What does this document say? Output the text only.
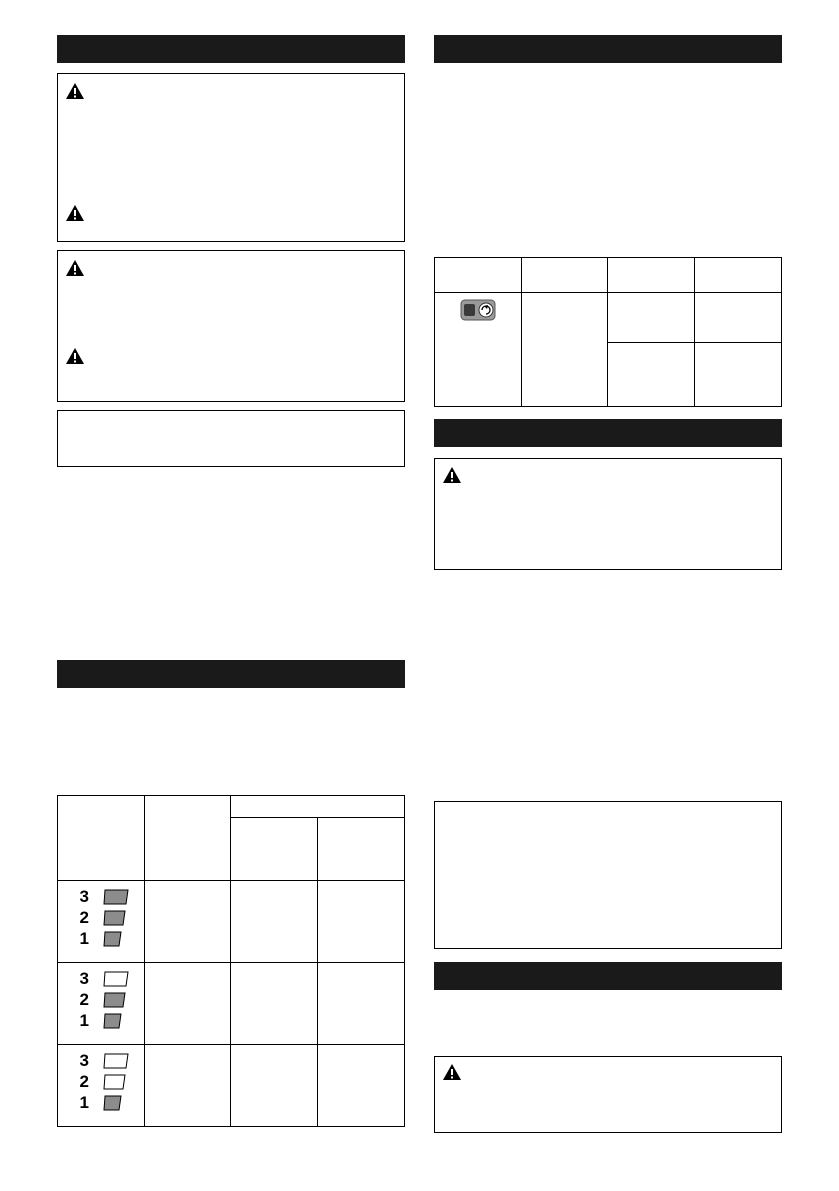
3
2
1			

3
2
1			

3
2
1			
